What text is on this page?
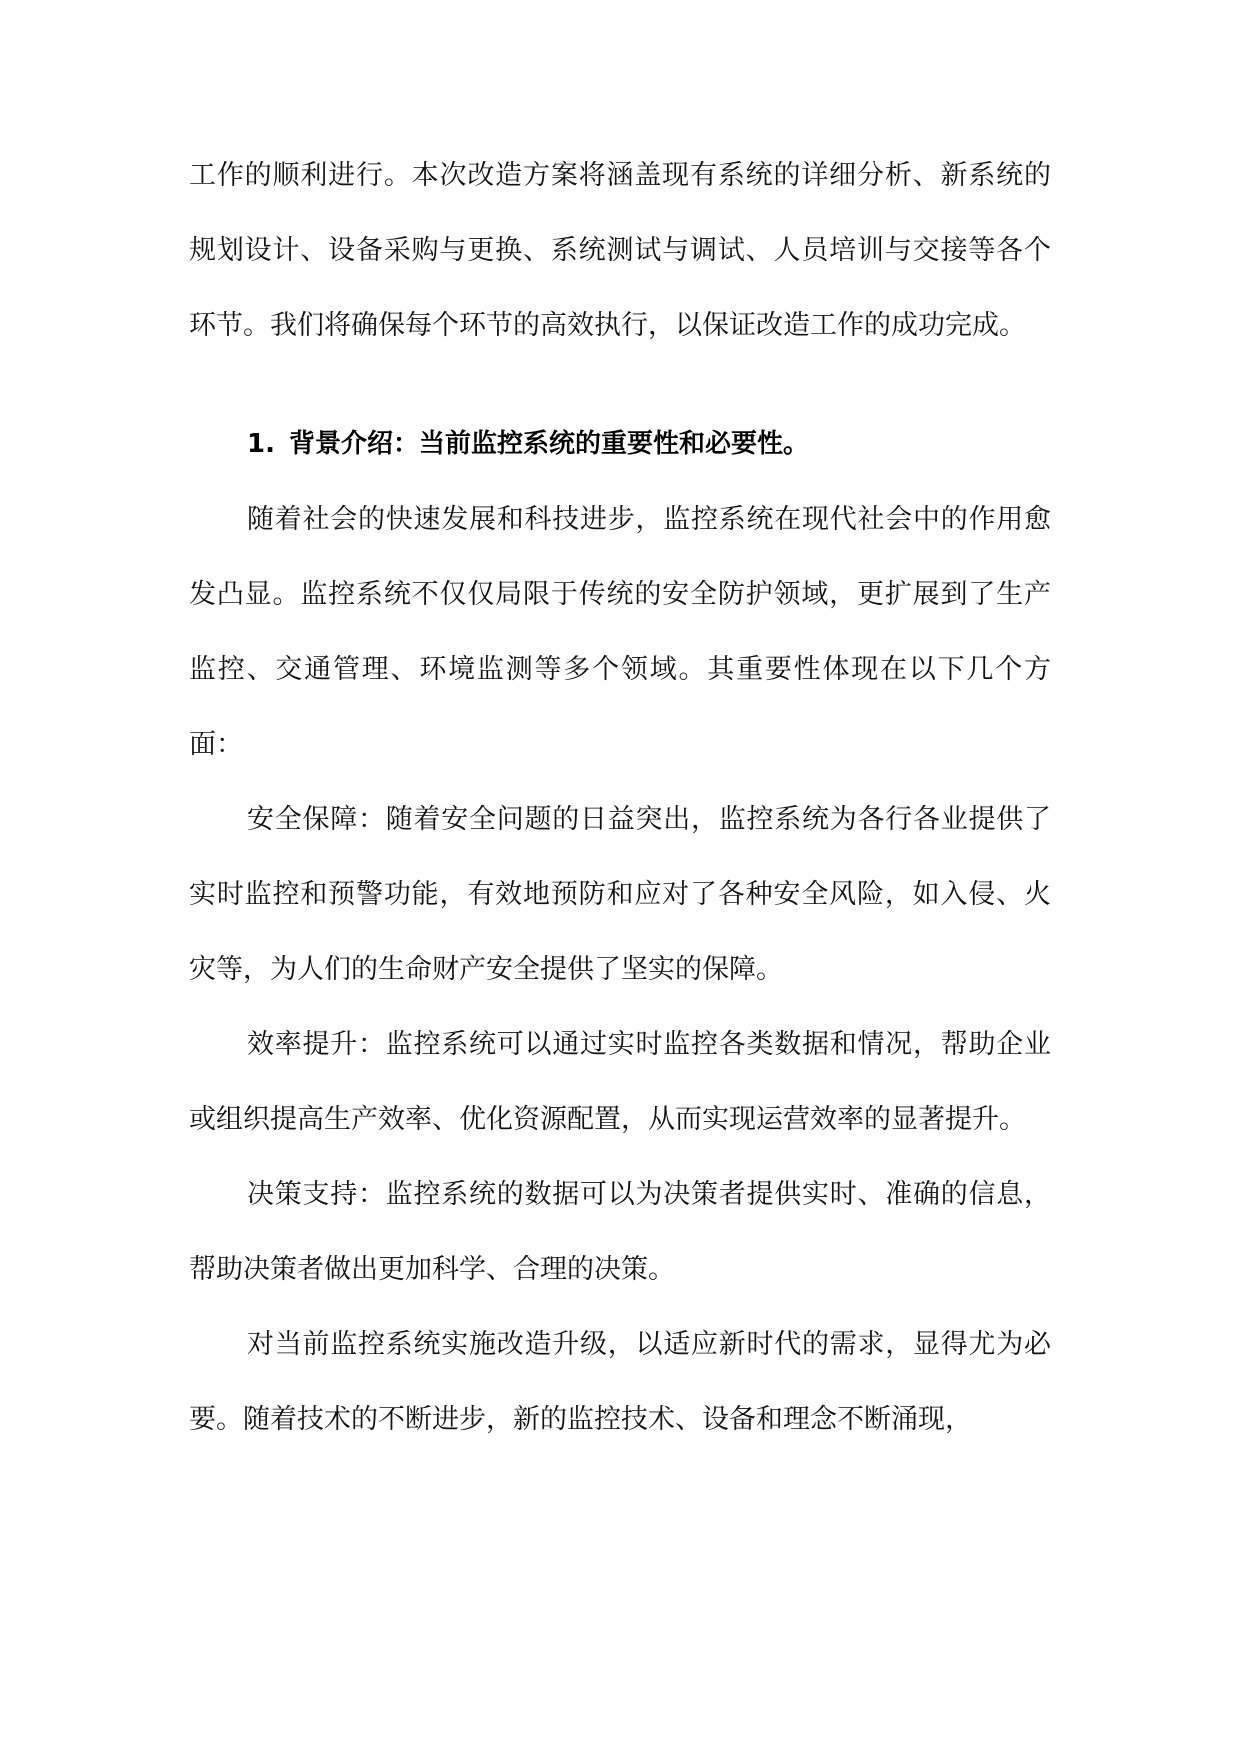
工作的顺利进行。本次改造方案将涵盖现有系统的详细分析、新系统的规划设计、设备采购与更换、系统测试与调试、人员培训与交接等各个环节。我们将确保每个环节的高效执行，以保证改造工作的成功完成。

1. 背景介绍：当前监控系统的重要性和必要性。

随着社会的快速发展和科技进步，监控系统在现代社会中的作用愈发凸显。监控系统不仅仅局限于传统的安全防护领域，更扩展到了生产监控、交通管理、环境监测等多个领域。其重要性体现在以下几个方面：

安全保障：随着安全问题的日益突出，监控系统为各行各业提供了实时监控和预警功能，有效地预防和应对了各种安全风险，如入侵、火灾等，为人们的生命财产安全提供了坚实的保障。

效率提升：监控系统可以通过实时监控各类数据和情况，帮助企业或组织提高生产效率、优化资源配置，从而实现运营效率的显著提升。

决策支持：监控系统的数据可以为决策者提供实时、准确的信息，帮助决策者做出更加科学、合理的决策。

对当前监控系统实施改造升级，以适应新时代的需求，显得尤为必要。随着技术的不断进步，新的监控技术、设备和理念不断涌现，
